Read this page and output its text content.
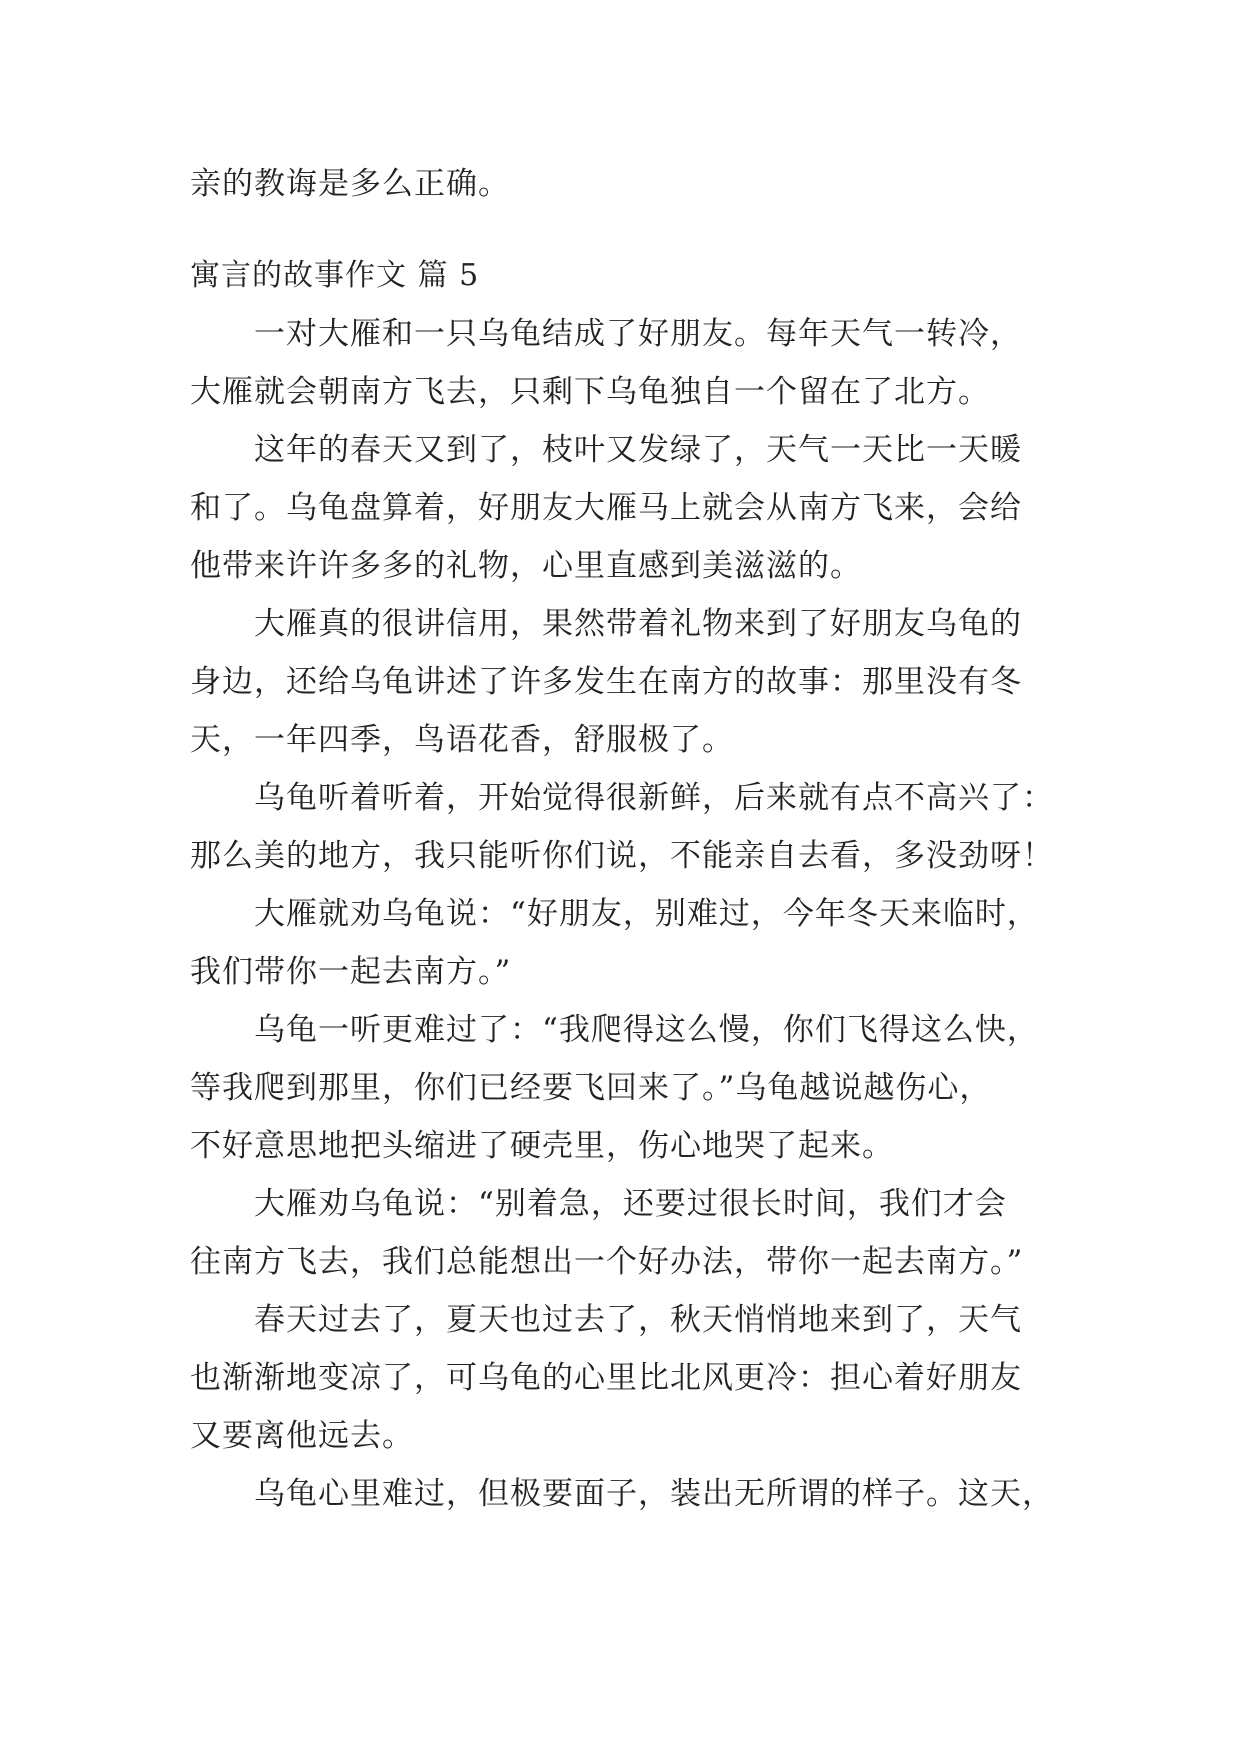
亲的教诲是多么正确。
寓言的故事作文 篇 5
一对大雁和一只乌龟结成了好朋友。每年天气一转冷，
大雁就会朝南方飞去，只剩下乌龟独自一个留在了北方。
这年的春天又到了，枝叶又发绿了，天气一天比一天暖
和了。乌龟盘算着，好朋友大雁马上就会从南方飞来，会给
他带来许许多多的礼物，心里直感到美滋滋的。
大雁真的很讲信用，果然带着礼物来到了好朋友乌龟的
身边，还给乌龟讲述了许多发生在南方的故事：那里没有冬
天，一年四季，鸟语花香，舒服极了。
乌龟听着听着，开始觉得很新鲜，后来就有点不高兴了：
那么美的地方，我只能听你们说，不能亲自去看，多没劲呀！
大雁就劝乌龟说：“好朋友，别难过，今年冬天来临时，
我们带你一起去南方。”
乌龟一听更难过了：“我爬得这么慢，你们飞得这么快，
等我爬到那里，你们已经要飞回来了。”乌龟越说越伤心，
不好意思地把头缩进了硬壳里，伤心地哭了起来。
大雁劝乌龟说：“别着急，还要过很长时间，我们才会
往南方飞去，我们总能想出一个好办法，带你一起去南方。”
春天过去了，夏天也过去了，秋天悄悄地来到了，天气
也渐渐地变凉了，可乌龟的心里比北风更冷：担心着好朋友
又要离他远去。
乌龟心里难过，但极要面子，装出无所谓的样子。这天，
